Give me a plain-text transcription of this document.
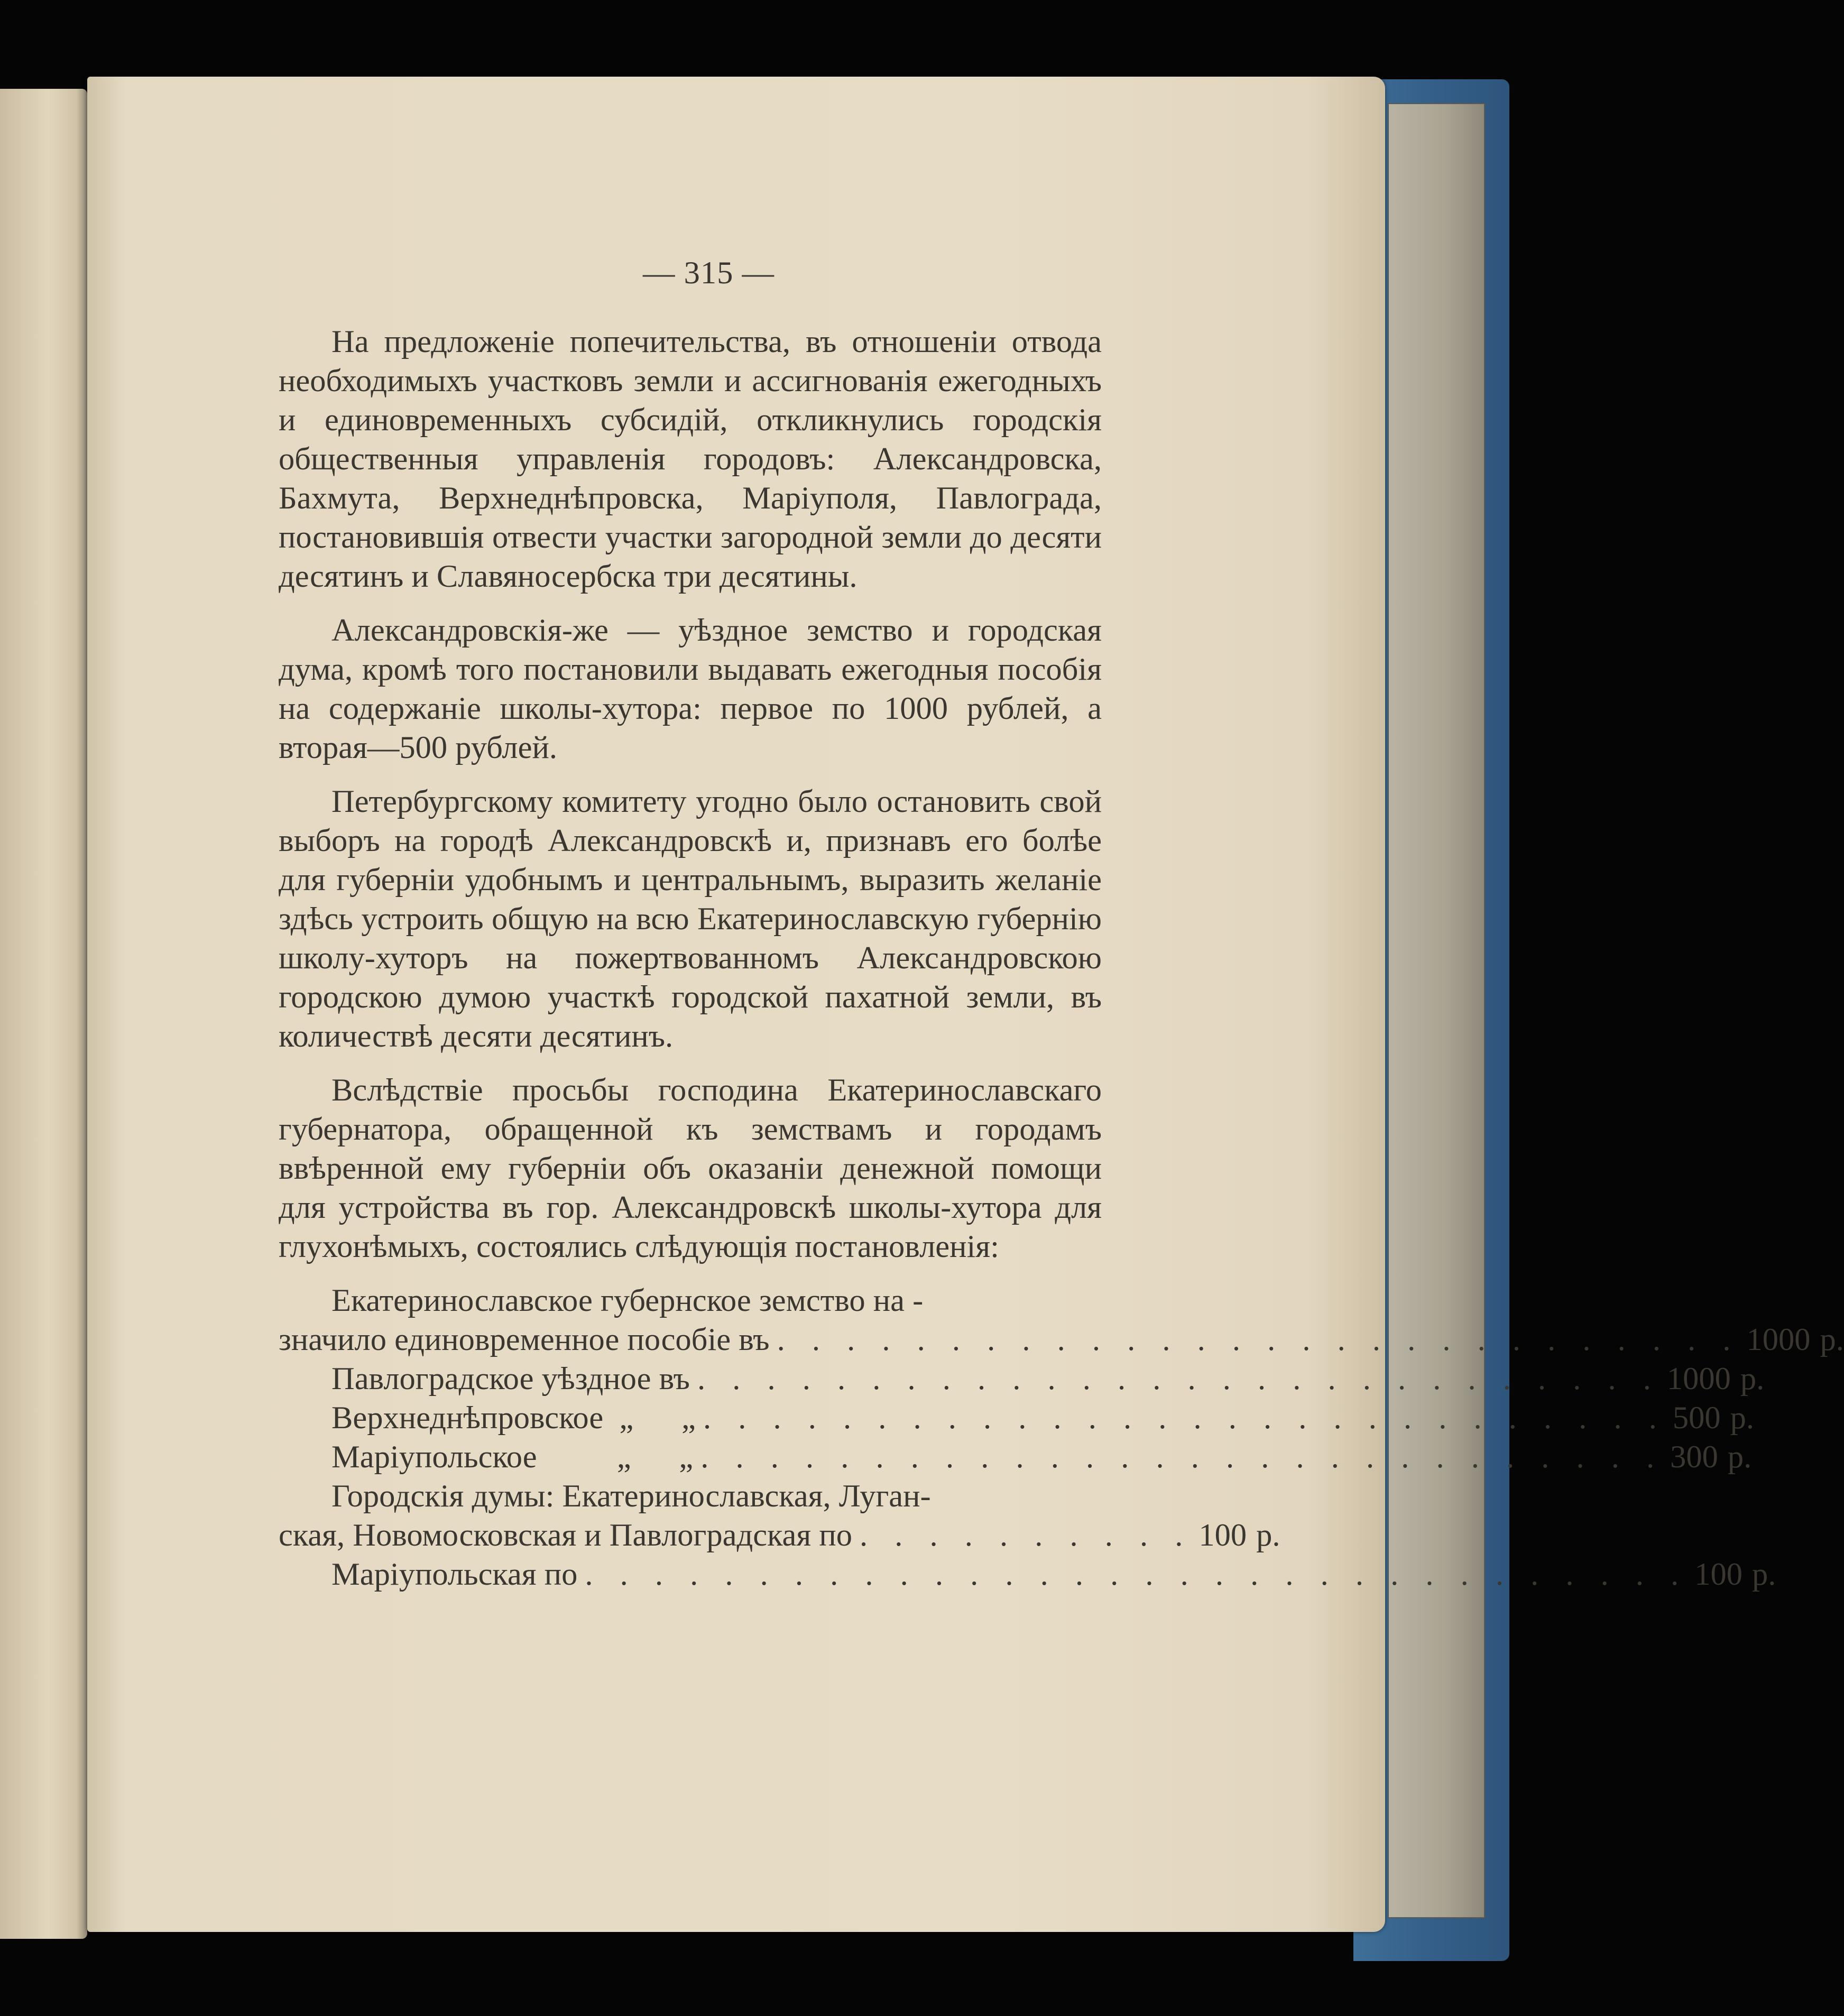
— 315 —

На предложеніе попечительства, въ отношеніи отвода необходимыхъ участковъ земли и ассигнованія ежегодныхъ и единовременныхъ субсидій, откликнулись городскія общественныя управленія городовъ: Александровска, Бахмута, Верхнеднѣпровска, Маріуполя, Павлограда, постановившія отвести участки загородной земли до десяти десятинъ и Славяносербска три десятины.

Александровскія-же — уѣздное земство и городская дума, кромѣ того постановили выдавать ежегодныя пособія на содержаніе школы-хутора: первое по 1000 рублей, а вторая—500 рублей.

Петербургскому комитету угодно было остановить свой выборъ на городѣ Александровскѣ и, признавъ его болѣе для губерніи удобнымъ и центральнымъ, выразить желаніе здѣсь устроить общую на всю Екатеринославскую губернію школу-хуторъ на пожертвованномъ Александровскою городскою думою участкѣ городской пахатной земли, въ количествѣ десяти десятинъ.

Вслѣдствіе просьбы господина Екатеринославскаго губернатора, обращенной къ земствамъ и городамъ ввѣренной ему губерніи объ оказаніи денежной помощи для устройства въ гор. Александровскѣ школы-хутора для глухонѣмыхъ, состоялись слѣдующія постановленія:

Екатеринославское губернское земство на -
значило единовременное пособіе въ . . . . . . . . . . . . . . . . . . . . . . . . . . . . 1000 р.
Павлоградское уѣздное въ . . . . . . . . . . . . . . . . . . . . . . . . . . . . 1000 р.
Верхнеднѣпровское  „      „ . . . . . . . . . . . . . . . . . . . . . . . . . . . . 500 р.
Маріупольское          „      „ . . . . . . . . . . . . . . . . . . . . . . . . . . . . 300 р.
Городскія думы: Екатеринославская, Луган-
ская, Новомосковская и Павлоградская по . . . . . . . . . . 100 р.
Маріупольская по . . . . . . . . . . . . . . . . . . . . . . . . . . . . . . . . 100 р.
